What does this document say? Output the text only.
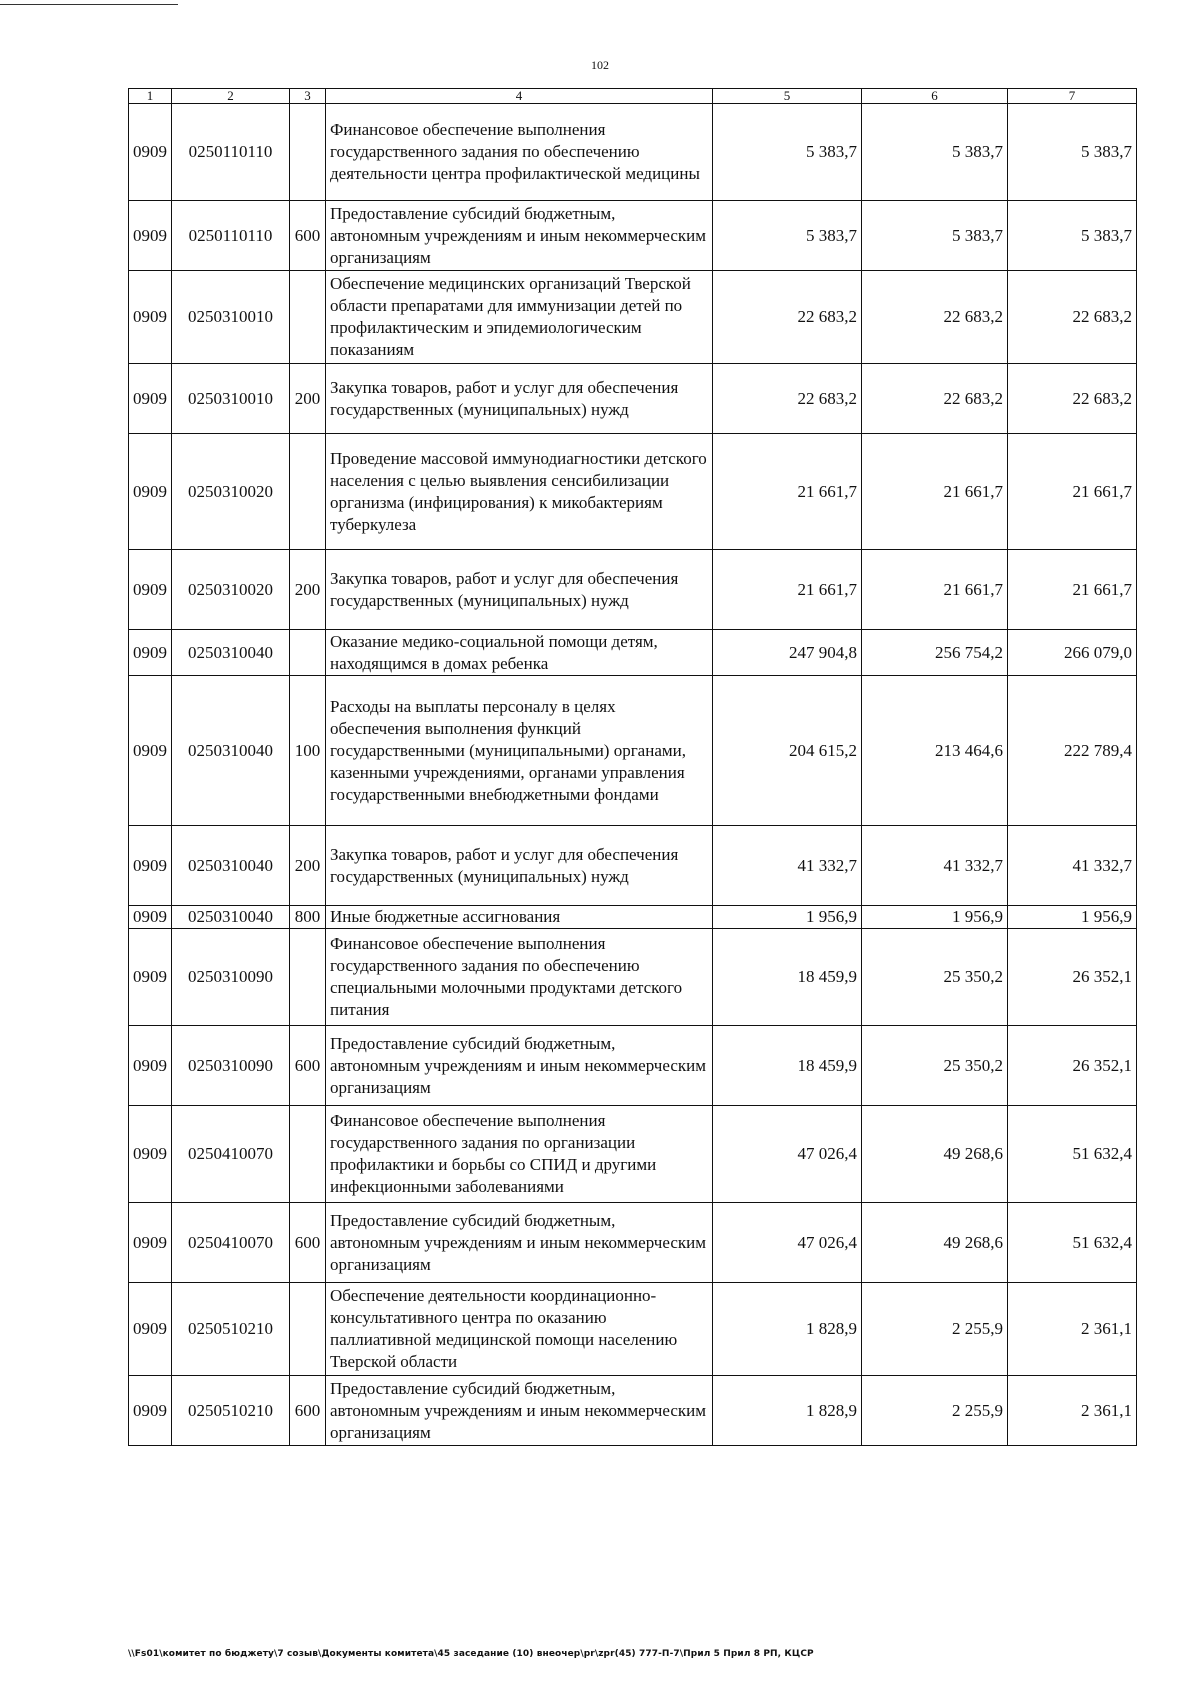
102
1	2	3	4	5	6	7
0909	0250110110		Финансовое обеспечение выполнения государственного задания по обеспечению деятельности центра профилактической медицины	5 383,7	5 383,7	5 383,7
0909	0250110110	600	Предоставление субсидий бюджетным, автономным учреждениям и иным некоммерческим организациям	5 383,7	5 383,7	5 383,7
0909	0250310010		Обеспечение медицинских организаций Тверской области препаратами для иммунизации детей по профилактическим и эпидемиологическим показаниям	22 683,2	22 683,2	22 683,2
0909	0250310010	200	Закупка товаров, работ и услуг для обеспечения государственных (муниципальных) нужд	22 683,2	22 683,2	22 683,2
0909	0250310020		Проведение массовой иммунодиагностики детского населения с целью выявления сенсибилизации организма (инфицирования) к микобактериям туберкулеза	21 661,7	21 661,7	21 661,7
0909	0250310020	200	Закупка товаров, работ и услуг для обеспечения государственных (муниципальных) нужд	21 661,7	21 661,7	21 661,7
0909	0250310040		Оказание медико-социальной помощи детям, находящимся в домах ребенка	247 904,8	256 754,2	266 079,0
0909	0250310040	100	Расходы на выплаты персоналу в целях обеспечения выполнения функций государственными (муниципальными) органами, казенными учреждениями, органами управления государственными внебюджетными фондами	204 615,2	213 464,6	222 789,4
0909	0250310040	200	Закупка товаров, работ и услуг для обеспечения государственных (муниципальных) нужд	41 332,7	41 332,7	41 332,7
0909	0250310040	800	Иные бюджетные ассигнования	1 956,9	1 956,9	1 956,9
0909	0250310090		Финансовое обеспечение выполнения государственного задания по обеспечению специальными молочными продуктами детского питания	18 459,9	25 350,2	26 352,1
0909	0250310090	600	Предоставление субсидий бюджетным, автономным учреждениям и иным некоммерческим организациям	18 459,9	25 350,2	26 352,1
0909	0250410070		Финансовое обеспечение выполнения государственного задания по организации профилактики и борьбы со СПИД и другими инфекционными заболеваниями	47 026,4	49 268,6	51 632,4
0909	0250410070	600	Предоставление субсидий бюджетным, автономным учреждениям и иным некоммерческим организациям	47 026,4	49 268,6	51 632,4
0909	0250510210		Обеспечение деятельности координационно-консультативного центра по оказанию паллиативной медицинской помощи населению Тверской области	1 828,9	2 255,9	2 361,1
0909	0250510210	600	Предоставление субсидий бюджетным, автономным учреждениям и иным некоммерческим организациям	1 828,9	2 255,9	2 361,1
\\Fs01\комитет по бюджету\7 созыв\Документы комитета\45 заседание (10) внеочер\pr\zpr(45) 777-П-7\Прил 5 Прил 8 РП, КЦСР
